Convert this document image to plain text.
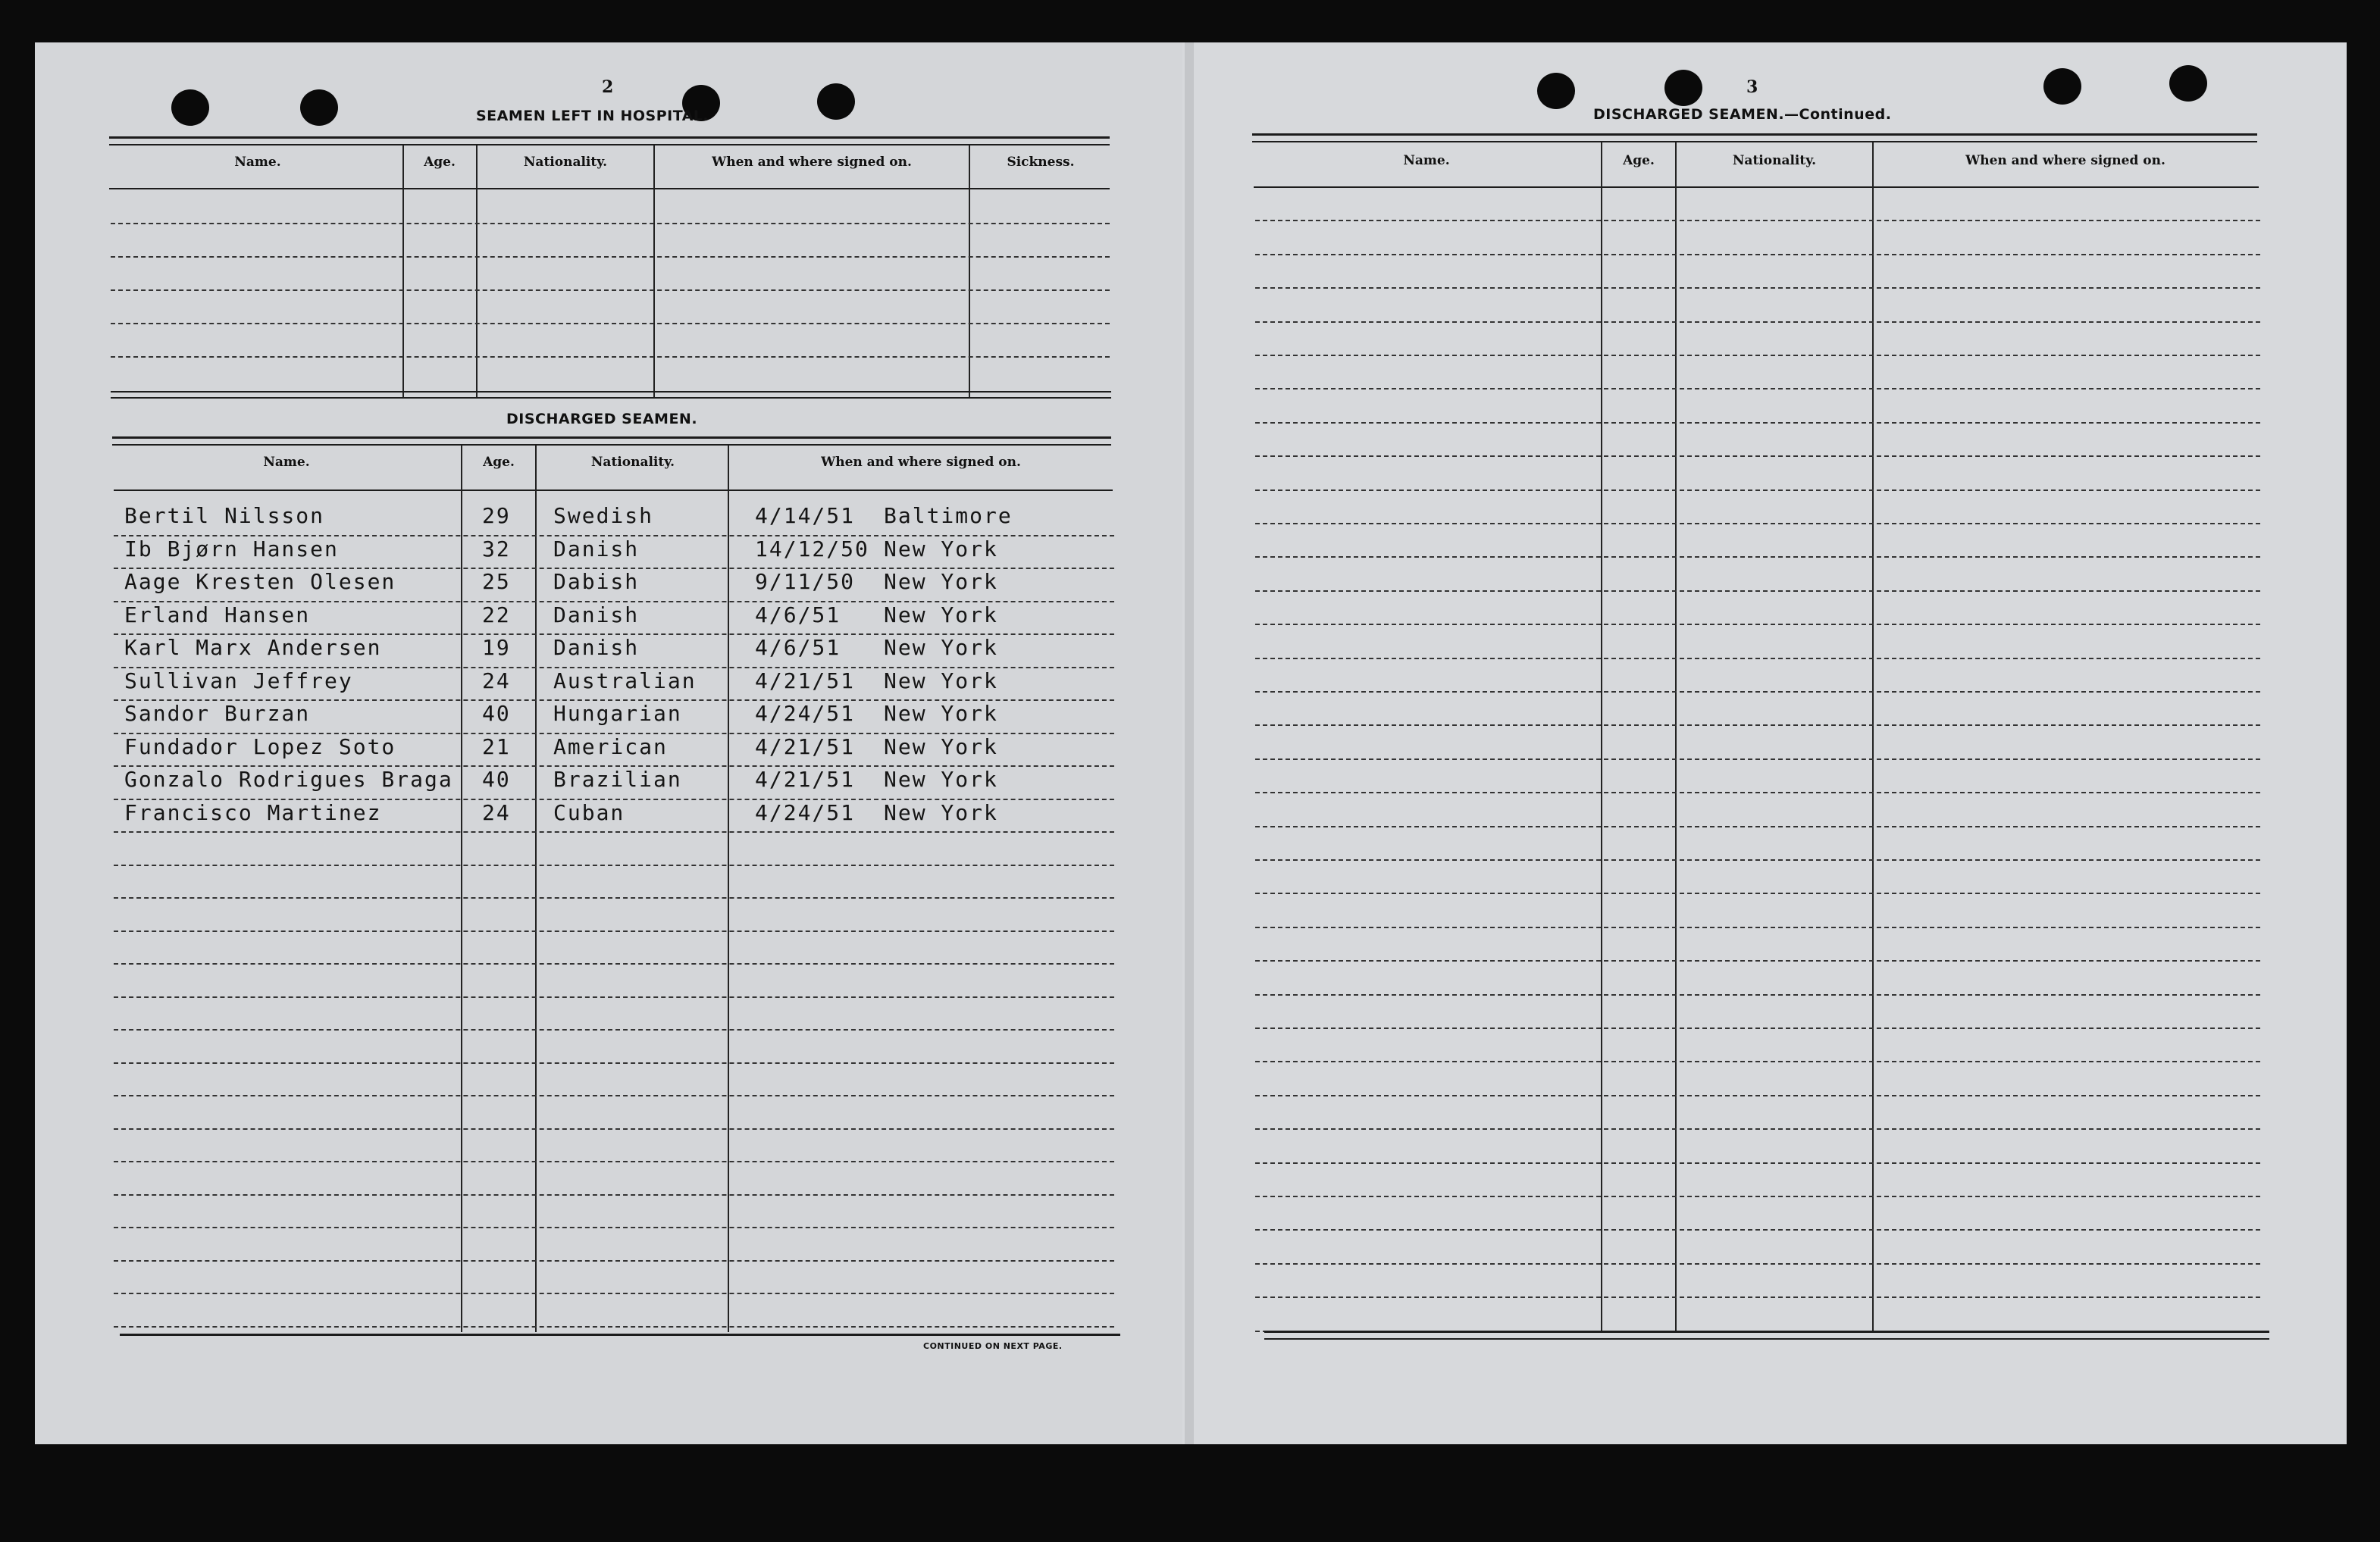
2
SEAMEN LEFT IN HOSPITAL.
Name.	Age.	Nationality.	When and where signed on.	Sickness.
DISCHARGED SEAMEN.
Name.	Age.	Nationality.	When and where signed on.
Bertil Nilsson	29 Swedish	4/14/51 Baltimore
Ib Bjørn Hansen	32 Danish	14/12/50 New York
Aage Kresten Olesen	25 Dabish	9/11/50 New York
Erland Hansen	22 Danish	4/6/51 New York
Karl Marx Andersen	19 Danish	4/6/51 New York
Sullivan Jeffrey	24 Australian	4/21/51 New York
Sandor Burzan	40 Hungarian	4/24/51 New York
Fundador Lopez Soto	21 American	4/21/51 New York
Gonzalo Rodrigues Braga 40 Brazilian	4/21/51 New York
Francisco Martinez	24 Cuban	4/24/51 New York
CONTINUED ON NEXT PAGE.
3
DISCHARGED SEAMEN.—Continued.
Name.	Age.	Nationality.	When and where signed on.
